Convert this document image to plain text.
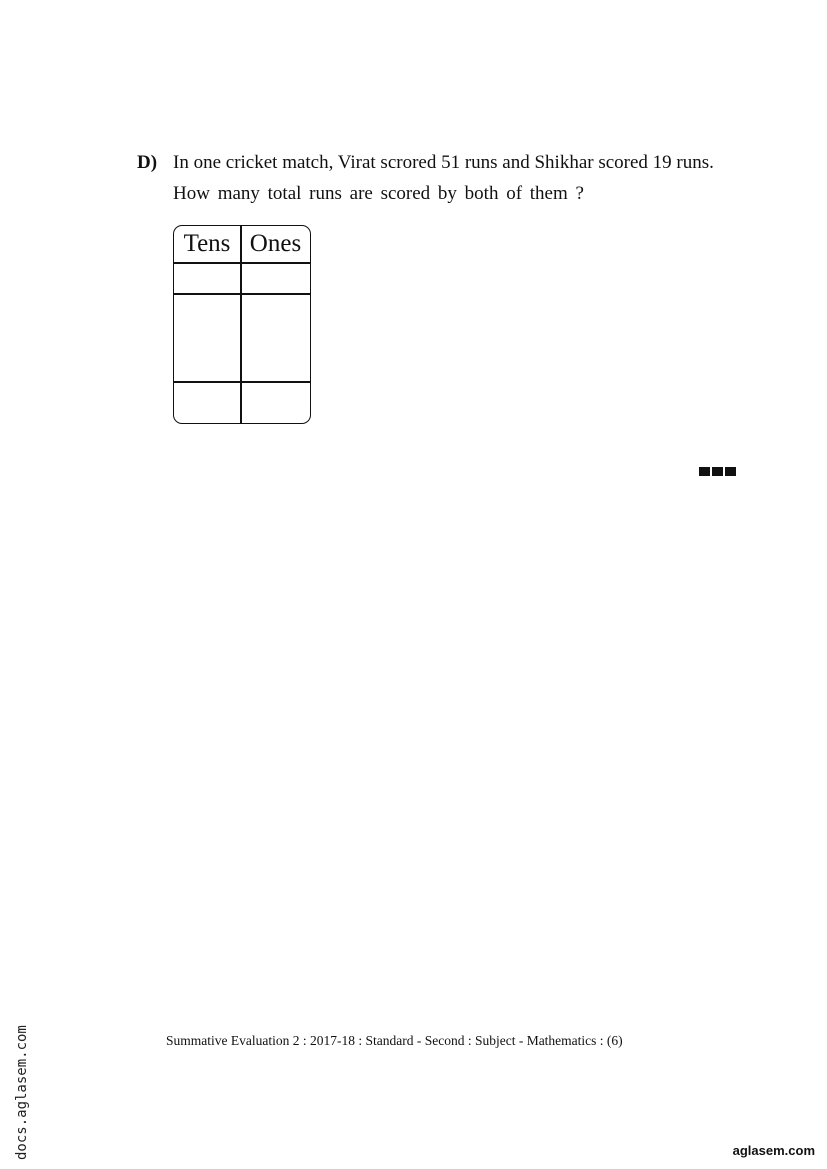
D) In one cricket match, Virat scrored 51 runs and Shikhar scored 19 runs.
How many total runs are scored by both of them ?
Tens Ones
Summative Evaluation 2 : 2017-18 : Standard - Second : Subject - Mathematics : (6)
docs.aglasem.com	aglasem.com
